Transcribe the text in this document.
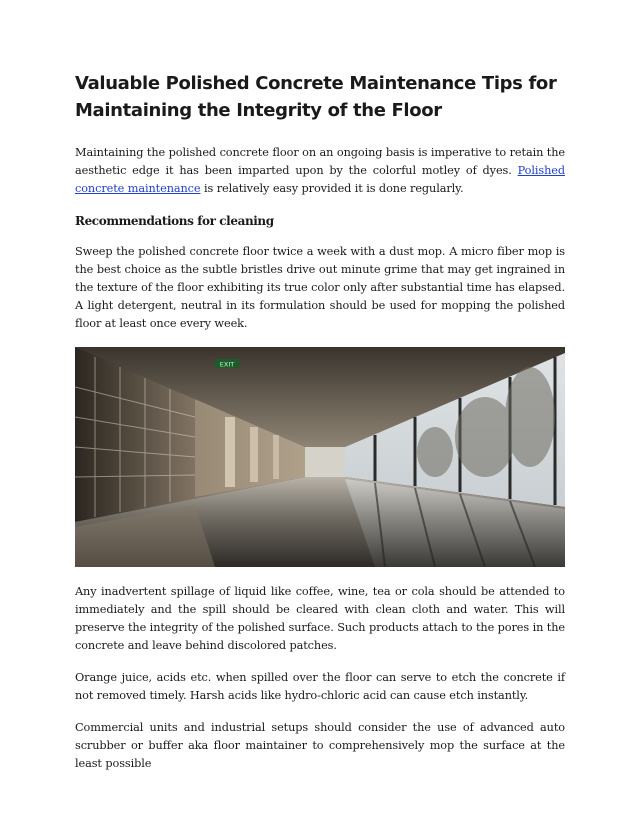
Valuable Polished Concrete Maintenance Tips for
Maintaining the Integrity of the Floor

Maintaining the polished concrete floor on an ongoing basis is imperative to retain the aesthetic edge it has been imparted upon by the colorful motley of dyes. Polished concrete maintenance is relatively easy provided it is done regularly.

Recommendations for cleaning

Sweep the polished concrete floor twice a week with a dust mop. A micro fiber mop is the best choice as the subtle bristles drive out minute grime that may get ingrained in the texture of the floor exhibiting its true color only after substantial time has elapsed. A light detergent, neutral in its formulation should be used for mopping the polished floor at least once every week.

EXIT

Any inadvertent spillage of liquid like coffee, wine, tea or cola should be attended to immediately and the spill should be cleared with clean cloth and water. This will preserve the integrity of the polished surface. Such products attach to the pores in the concrete and leave behind discolored patches.

Orange juice, acids etc. when spilled over the floor can serve to etch the concrete if not removed timely. Harsh acids like hydro-chloric acid can cause etch instantly.

Commercial units and industrial setups should consider the use of advanced auto scrubber or buffer aka floor maintainer to comprehensively mop the surface at the least possible
